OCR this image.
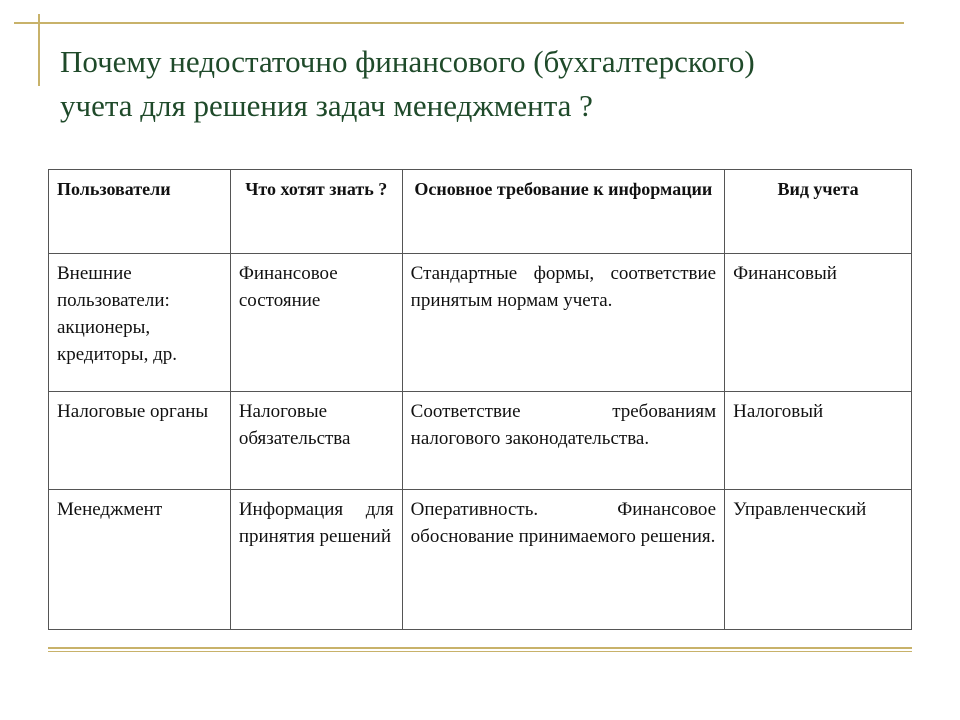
Почему недостаточно финансового (бухгалтерского)
учета для решения задач менеджмента ?
Пользователи	Что хотят знать ?	Основное требование к информации	Вид учета
Внешние пользователи: акционеры, кредиторы, др.	Финансовое состояние	Стандартные формы, соответствие принятым нормам учета.	Финансовый
Налоговые органы	Налоговые обязательства	Соответствие требованиям налогового законодательства.	Налоговый
Менеджмент	Информация для принятия решений	Оперативность. Финансовое обоснование принимаемого решения.	Управленческий
